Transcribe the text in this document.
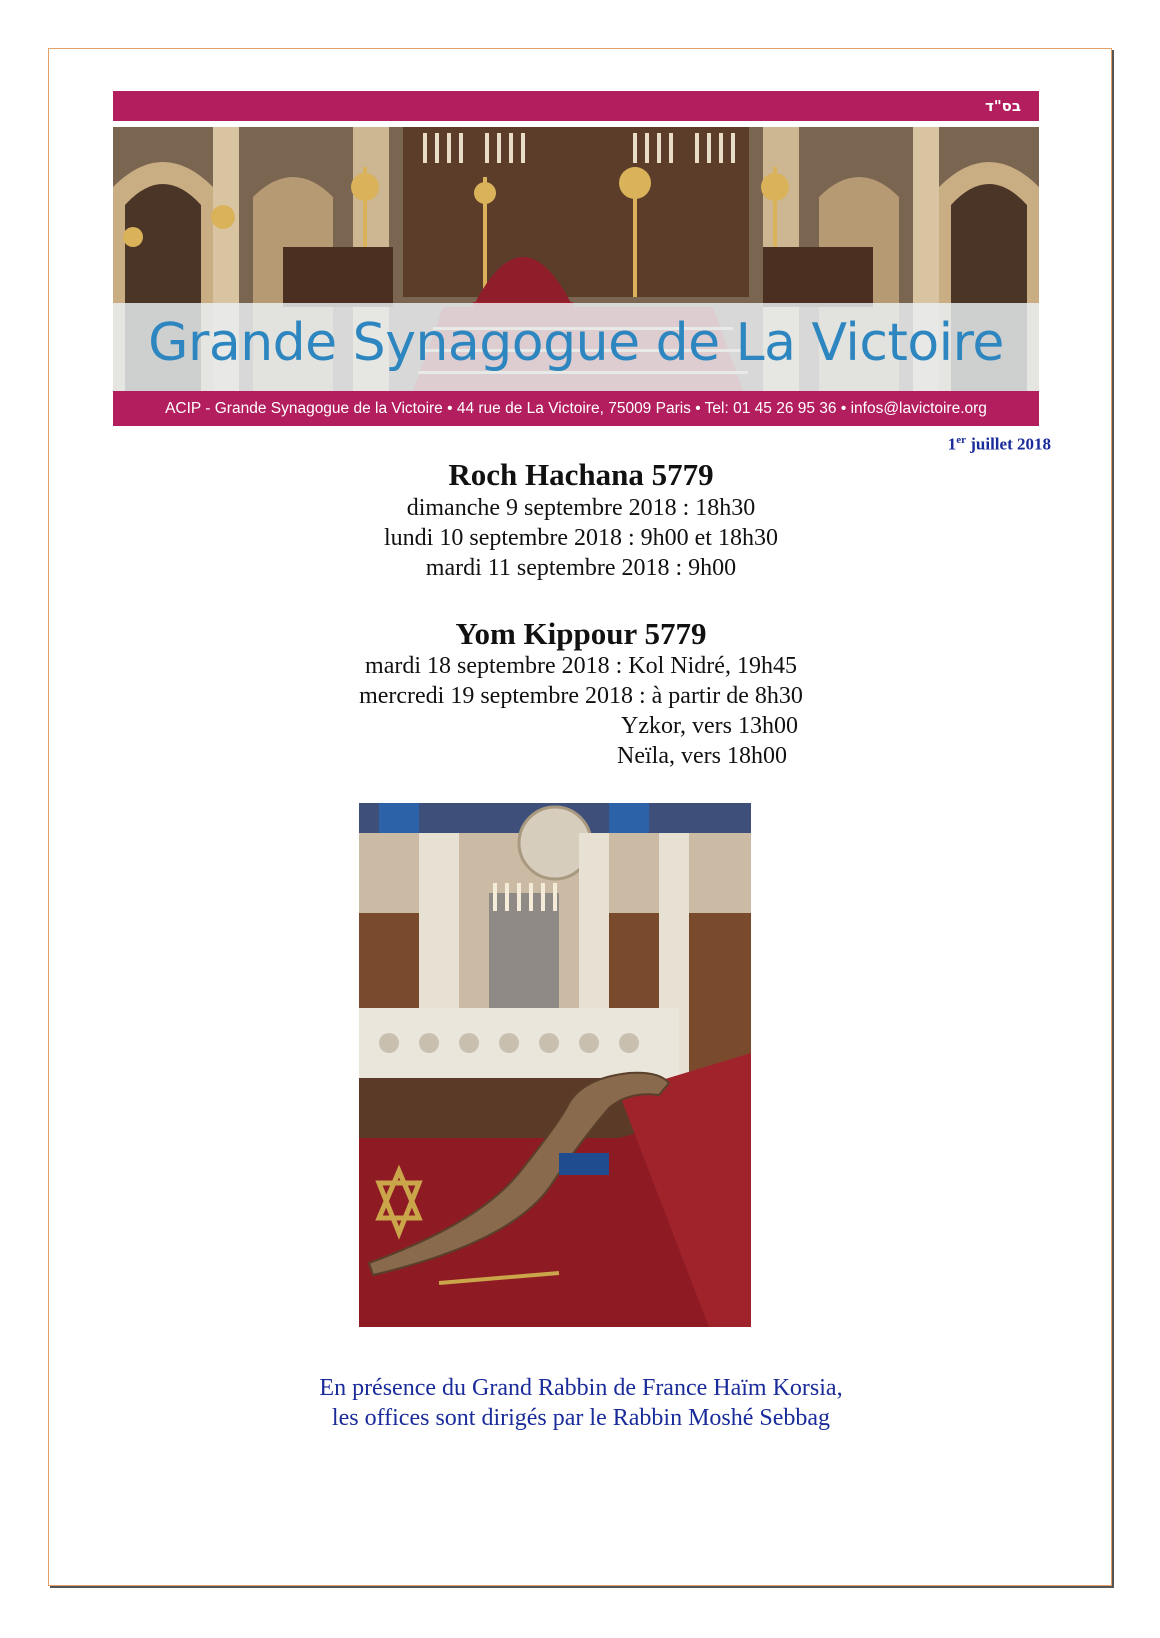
בס"ד
Grande Synagogue de La Victoire
ACIP - Grande Synagogue de la Victoire • 44 rue de La Victoire, 75009 Paris • Tel: 01 45 26 95 36 • infos@lavictoire.org
1er juillet 2018
Roch Hachana 5779
dimanche 9 septembre 2018 : 18h30
lundi 10 septembre 2018 : 9h00 et 18h30
mardi 11 septembre 2018 : 9h00
Yom Kippour 5779
mardi 18 septembre 2018 : Kol Nidré, 19h45
mercredi 19 septembre 2018 : à partir de 8h30
Yzkor, vers 13h00
Neïla, vers 18h00
En présence du Grand Rabbin de France Haïm Korsia,
les offices sont dirigés par le Rabbin Moshé Sebbag
